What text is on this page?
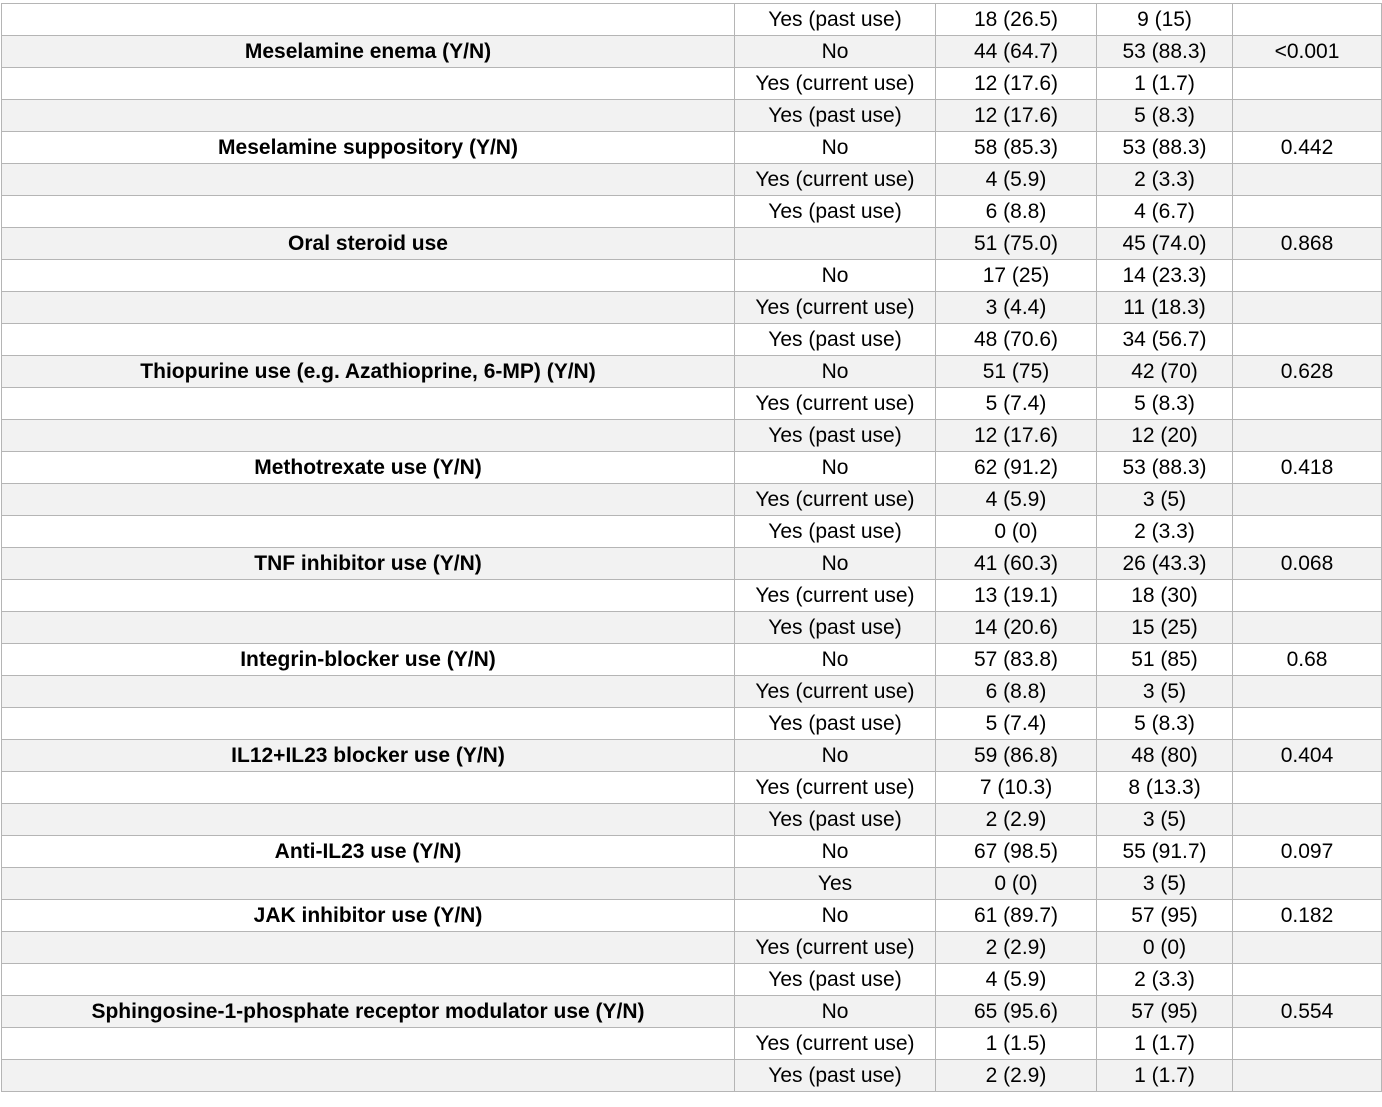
	Yes (past use)	18 (26.5)	9 (15)	
Meselamine enema (Y/N)	No	44 (64.7)	53 (88.3)	<0.001
	Yes (current use)	12 (17.6)	1 (1.7)	
	Yes (past use)	12 (17.6)	5 (8.3)	
Meselamine suppository (Y/N)	No	58 (85.3)	53 (88.3)	0.442
	Yes (current use)	4 (5.9)	2 (3.3)	
	Yes (past use)	6 (8.8)	4 (6.7)	
Oral steroid use		51 (75.0)	45 (74.0)	0.868
	No	17 (25)	14 (23.3)	
	Yes (current use)	3 (4.4)	11 (18.3)	
	Yes (past use)	48 (70.6)	34 (56.7)	
Thiopurine use (e.g. Azathioprine, 6-MP) (Y/N)	No	51 (75)	42 (70)	0.628
	Yes (current use)	5 (7.4)	5 (8.3)	
	Yes (past use)	12 (17.6)	12 (20)	
Methotrexate use (Y/N)	No	62 (91.2)	53 (88.3)	0.418
	Yes (current use)	4 (5.9)	3 (5)	
	Yes (past use)	0 (0)	2 (3.3)	
TNF inhibitor use (Y/N)	No	41 (60.3)	26 (43.3)	0.068
	Yes (current use)	13 (19.1)	18 (30)	
	Yes (past use)	14 (20.6)	15 (25)	
Integrin-blocker use (Y/N)	No	57 (83.8)	51 (85)	0.68
	Yes (current use)	6 (8.8)	3 (5)	
	Yes (past use)	5 (7.4)	5 (8.3)	
IL12+IL23 blocker use (Y/N)	No	59 (86.8)	48 (80)	0.404
	Yes (current use)	7 (10.3)	8 (13.3)	
	Yes (past use)	2 (2.9)	3 (5)	
Anti-IL23 use (Y/N)	No	67 (98.5)	55 (91.7)	0.097
	Yes	0 (0)	3 (5)	
JAK inhibitor use (Y/N)	No	61 (89.7)	57 (95)	0.182
	Yes (current use)	2 (2.9)	0 (0)	
	Yes (past use)	4 (5.9)	2 (3.3)	
Sphingosine-1-phosphate receptor modulator use (Y/N)	No	65 (95.6)	57 (95)	0.554
	Yes (current use)	1 (1.5)	1 (1.7)	
	Yes (past use)	2 (2.9)	1 (1.7)	
